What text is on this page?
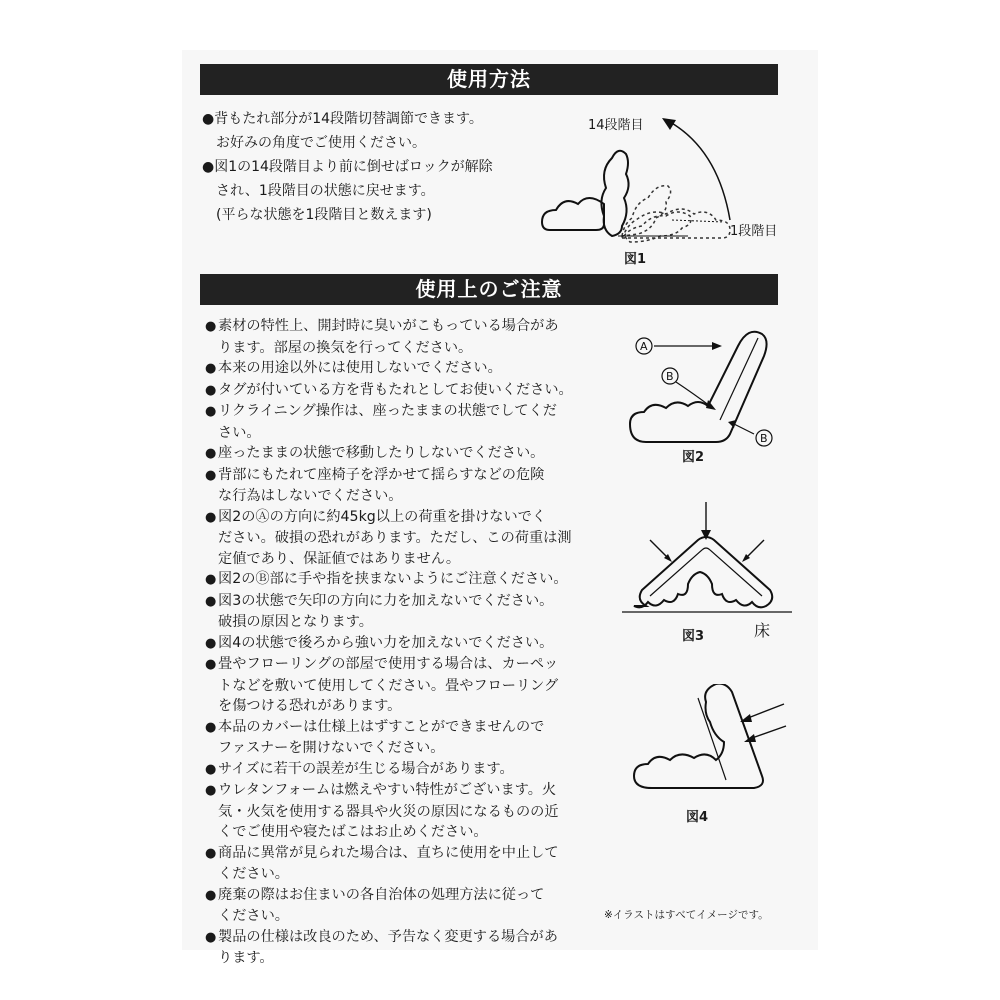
使用方法
●背もたれ部分が14段階切替調節できます。
　お好みの角度でご使用ください。
●図1の14段階目より前に倒せばロックが解除
　され、1段階目の状態に戻せます。
　(平らな状態を1段階目と数えます)
14段階目
1段階目
図1
使用上のご注意
● 素材の特性上、開封時に臭いがこもっている場合があ
ります。部屋の換気を行ってください。
● 本来の用途以外には使用しないでください。
● タグが付いている方を背もたれとしてお使いください。
● リクライニング操作は、座ったままの状態でしてくだ
さい。
● 座ったままの状態で移動したりしないでください。
● 背部にもたれて座椅子を浮かせて揺らすなどの危険
な行為はしないでください。
● 図2のⒶの方向に約45kg以上の荷重を掛けないでく
ださい。破損の恐れがあります。ただし、この荷重は測
定値であり、保証値ではありません。
● 図2のⒷ部に手や指を挟まないようにご注意ください。
● 図3の状態で矢印の方向に力を加えないでください。
破損の原因となります。
● 図4の状態で後ろから強い力を加えないでください。
● 畳やフローリングの部屋で使用する場合は、カーペッ
トなどを敷いて使用してください。畳やフローリング
を傷つける恐れがあります。
● 本品のカバーは仕様上はずすことができませんので
ファスナーを開けないでください。
● サイズに若干の誤差が生じる場合があります。
● ウレタンフォームは燃えやすい特性がございます。火
気・火気を使用する器具や火災の原因になるものの近
くでご使用や寝たばこはお止めください。
● 商品に異常が見られた場合は、直ちに使用を中止して
ください。
● 廃棄の際はお住まいの各自治体の処理方法に従って
ください。
● 製品の仕様は改良のため、予告なく変更する場合があ
ります。
A
B
B
図2
床
図3
図4
※イラストはすべてイメージです。
